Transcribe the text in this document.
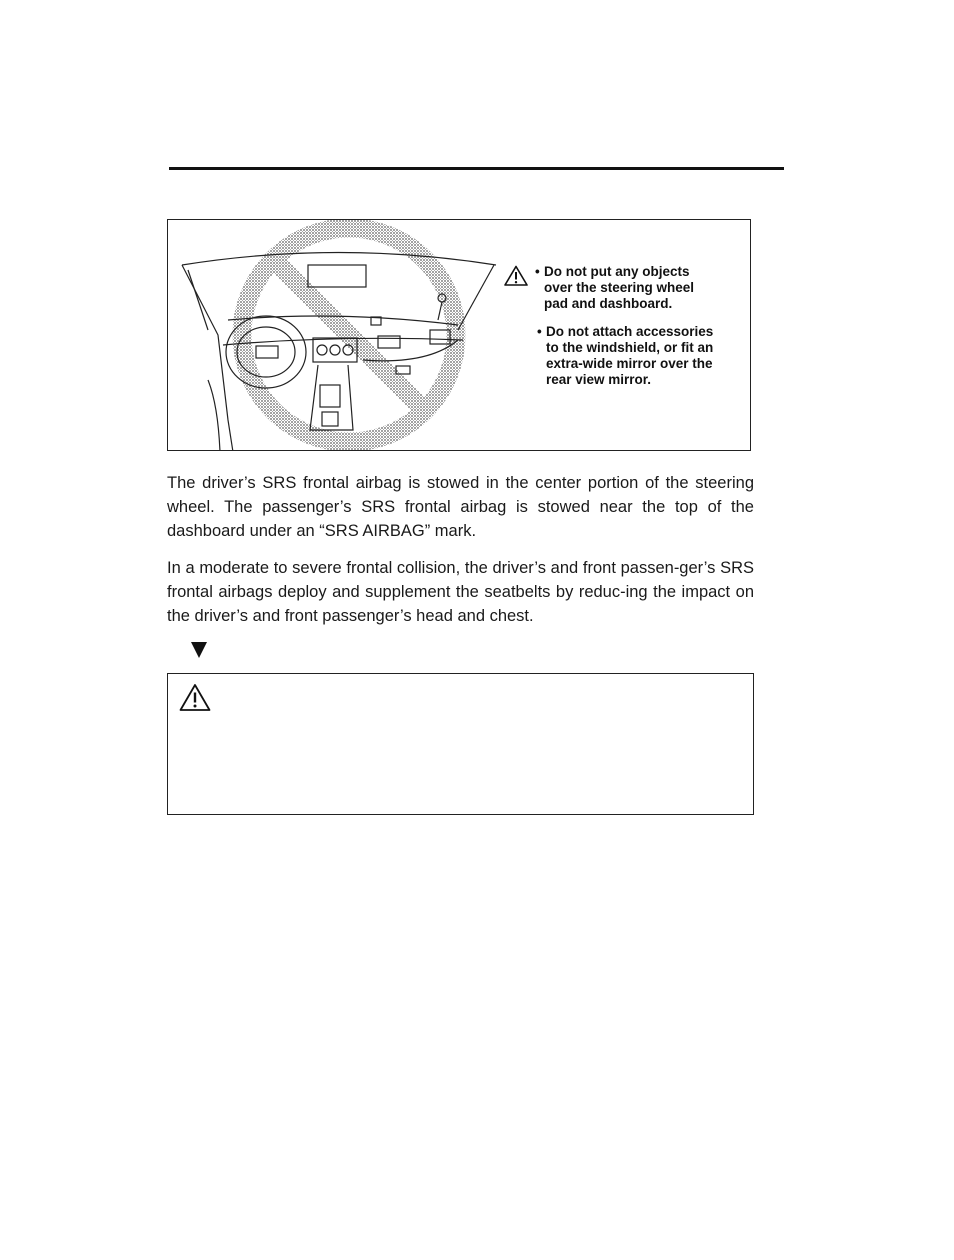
• Do not put any objects
over the steering wheel
pad and dashboard.
• Do not attach accessories
to the windshield, or fit an
extra-wide mirror over the
rear view mirror.

The driver’s SRS frontal airbag is stowed in the center portion of the steering wheel. The passenger’s SRS frontal airbag is stowed near the top of the dashboard under an “SRS AIRBAG” mark.

In a moderate to severe frontal collision, the driver’s and front passen-ger’s SRS frontal airbags deploy and supplement the seatbelts by reduc-ing the impact on the driver’s and front passenger’s head and chest.
